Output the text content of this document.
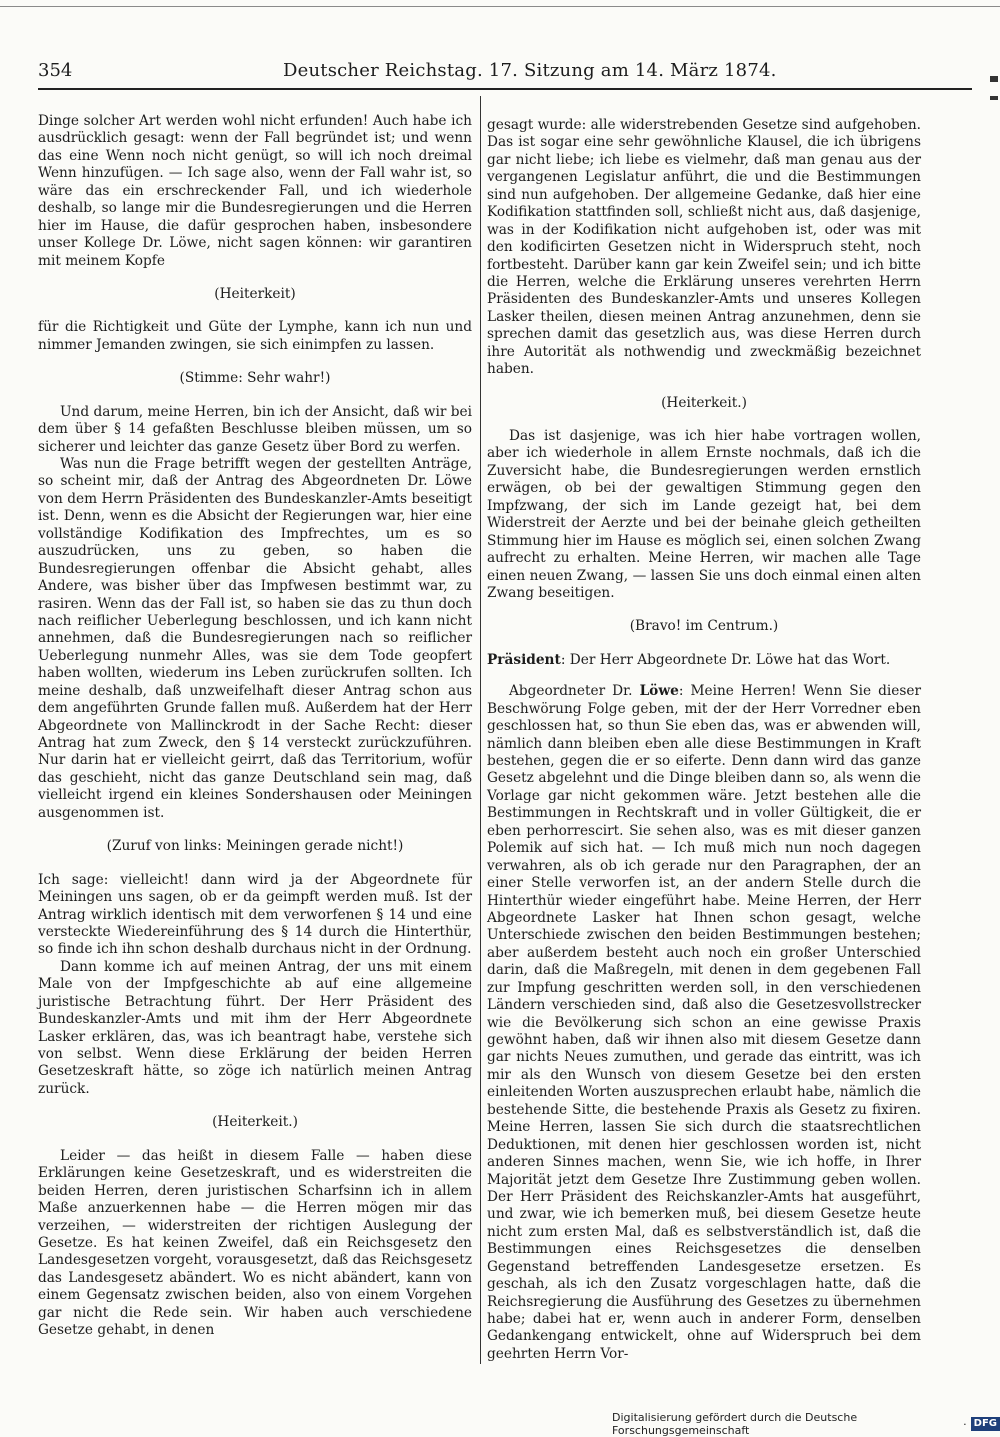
354	Deutscher Reichstag. 17. Sitzung am 14. März 1874.

Dinge solcher Art werden wohl nicht erfunden! Auch habe ich ausdrücklich gesagt: wenn der Fall begründet ist; und wenn das eine Wenn noch nicht genügt, so will ich noch dreimal Wenn hinzufügen. — Ich sage also, wenn der Fall wahr ist, so wäre das ein erschreckender Fall, und ich wiederhole deshalb, so lange mir die Bundesregierungen und die Herren hier im Hause, die dafür gesprochen haben, insbesondere unser Kollege Dr. Löwe, nicht sagen können: wir garantiren mit meinem Kopfe

(Heiterkeit)

für die Richtigkeit und Güte der Lymphe, kann ich nun und nimmer Jemanden zwingen, sie sich einimpfen zu lassen.

(Stimme: Sehr wahr!)

Und darum, meine Herren, bin ich der Ansicht, daß wir bei dem über § 14 gefaßten Beschlusse bleiben müssen, um so sicherer und leichter das ganze Gesetz über Bord zu werfen.

Was nun die Frage betrifft wegen der gestellten Anträge, so scheint mir, daß der Antrag des Abgeordneten Dr. Löwe von dem Herrn Präsidenten des Bundeskanzler-Amts beseitigt ist. Denn, wenn es die Absicht der Regierungen war, hier eine vollständige Kodifikation des Impfrechtes, um es so auszudrücken, uns zu geben, so haben die Bundesregierungen offenbar die Absicht gehabt, alles Andere, was bisher über das Impfwesen bestimmt war, zu rasiren. Wenn das der Fall ist, so haben sie das zu thun doch nach reiflicher Ueberlegung beschlossen, und ich kann nicht annehmen, daß die Bundesregierungen nach so reiflicher Ueberlegung nunmehr Alles, was sie dem Tode geopfert haben wollten, wiederum ins Leben zurückrufen sollten. Ich meine deshalb, daß unzweifelhaft dieser Antrag schon aus dem angeführten Grunde fallen muß. Außerdem hat der Herr Abgeordnete von Mallinckrodt in der Sache Recht: dieser Antrag hat zum Zweck, den § 14 versteckt zurückzuführen. Nur darin hat er vielleicht geirrt, daß das Territorium, wofür das geschieht, nicht das ganze Deutschland sein mag, daß vielleicht irgend ein kleines Sondershausen oder Meiningen ausgenommen ist.

(Zuruf von links: Meiningen gerade nicht!)

Ich sage: vielleicht! dann wird ja der Abgeordnete für Meiningen uns sagen, ob er da geimpft werden muß. Ist der Antrag wirklich identisch mit dem verworfenen § 14 und eine versteckte Wiedereinführung des § 14 durch die Hinterthür, so finde ich ihn schon deshalb durchaus nicht in der Ordnung.

Dann komme ich auf meinen Antrag, der uns mit einem Male von der Impfgeschichte ab auf eine allgemeine juristische Betrachtung führt. Der Herr Präsident des Bundeskanzler-Amts und mit ihm der Herr Abgeordnete Lasker erklären, das, was ich beantragt habe, verstehe sich von selbst. Wenn diese Erklärung der beiden Herren Gesetzeskraft hätte, so zöge ich natürlich meinen Antrag zurück.

(Heiterkeit.)

Leider — das heißt in diesem Falle — haben diese Erklärungen keine Gesetzeskraft, und es widerstreiten die beiden Herren, deren juristischen Scharfsinn ich in allem Maße anzuerkennen habe — die Herren mögen mir das verzeihen, — widerstreiten der richtigen Auslegung der Gesetze. Es hat keinen Zweifel, daß ein Reichsgesetz den Landesgesetzen vorgeht, vorausgesetzt, daß das Reichsgesetz das Landesgesetz abändert. Wo es nicht abändert, kann von einem Gegensatz zwischen beiden, also von einem Vorgehen gar nicht die Rede sein. Wir haben auch verschiedene Gesetze gehabt, in denen

gesagt wurde: alle widerstrebenden Gesetze sind aufgehoben. Das ist sogar eine sehr gewöhnliche Klausel, die ich übrigens gar nicht liebe; ich liebe es vielmehr, daß man genau aus der vergangenen Legislatur anführt, die und die Bestimmungen sind nun aufgehoben. Der allgemeine Gedanke, daß hier eine Kodifikation stattfinden soll, schließt nicht aus, daß dasjenige, was in der Kodifikation nicht aufgehoben ist, oder was mit den kodificirten Gesetzen nicht in Widerspruch steht, noch fortbesteht. Darüber kann gar kein Zweifel sein; und ich bitte die Herren, welche die Erklärung unseres verehrten Herrn Präsidenten des Bundeskanzler-Amts und unseres Kollegen Lasker theilen, diesen meinen Antrag anzunehmen, denn sie sprechen damit das gesetzlich aus, was diese Herren durch ihre Autorität als nothwendig und zweckmäßig bezeichnet haben.

(Heiterkeit.)

Das ist dasjenige, was ich hier habe vortragen wollen, aber ich wiederhole in allem Ernste nochmals, daß ich die Zuversicht habe, die Bundesregierungen werden ernstlich erwägen, ob bei der gewaltigen Stimmung gegen den Impfzwang, der sich im Lande gezeigt hat, bei dem Widerstreit der Aerzte und bei der beinahe gleich getheilten Stimmung hier im Hause es möglich sei, einen solchen Zwang aufrecht zu erhalten. Meine Herren, wir machen alle Tage einen neuen Zwang, — lassen Sie uns doch einmal einen alten Zwang beseitigen.

(Bravo! im Centrum.)

Präsident: Der Herr Abgeordnete Dr. Löwe hat das Wort.

Abgeordneter Dr. Löwe: Meine Herren! Wenn Sie dieser Beschwörung Folge geben, mit der der Herr Vorredner eben geschlossen hat, so thun Sie eben das, was er abwenden will, nämlich dann bleiben eben alle diese Bestimmungen in Kraft bestehen, gegen die er so eiferte. Denn dann wird das ganze Gesetz abgelehnt und die Dinge bleiben dann so, als wenn die Vorlage gar nicht gekommen wäre. Jetzt bestehen alle die Bestimmungen in Rechtskraft und in voller Gültigkeit, die er eben perhorrescirt. Sie sehen also, was es mit dieser ganzen Polemik auf sich hat. — Ich muß mich nun noch dagegen verwahren, als ob ich gerade nur den Paragraphen, der an einer Stelle verworfen ist, an der andern Stelle durch die Hinterthür wieder eingeführt habe. Meine Herren, der Herr Abgeordnete Lasker hat Ihnen schon gesagt, welche Unterschiede zwischen den beiden Bestimmungen bestehen; aber außerdem besteht auch noch ein großer Unterschied darin, daß die Maßregeln, mit denen in dem gegebenen Fall zur Impfung geschritten werden soll, in den verschiedenen Ländern verschieden sind, daß also die Gesetzesvollstrecker wie die Bevölkerung sich schon an eine gewisse Praxis gewöhnt haben, daß wir ihnen also mit diesem Gesetze dann gar nichts Neues zumuthen, und gerade das eintritt, was ich mir als den Wunsch von diesem Gesetze bei den ersten einleitenden Worten auszusprechen erlaubt habe, nämlich die bestehende Sitte, die bestehende Praxis als Gesetz zu fixiren. Meine Herren, lassen Sie sich durch die staatsrechtlichen Deduktionen, mit denen hier geschlossen worden ist, nicht anderen Sinnes machen, wenn Sie, wie ich hoffe, in Ihrer Majorität jetzt dem Gesetze Ihre Zustimmung geben wollen. Der Herr Präsident des Reichskanzler-Amts hat ausgeführt, und zwar, wie ich bemerken muß, bei diesem Gesetze heute nicht zum ersten Mal, daß es selbstverständlich ist, daß die Bestimmungen eines Reichsgesetzes die denselben Gegenstand betreffenden Landesgesetze ersetzen. Es geschah, als ich den Zusatz vorgeschlagen hatte, daß die Reichsregierung die Ausführung des Gesetzes zu übernehmen habe; dabei hat er, wenn auch in anderer Form, denselben Gedankengang entwickelt, ohne auf Widerspruch bei dem geehrten Herrn Vor-

Digitalisierung gefördert durch die Deutsche Forschungsgemeinschaft	· DFG
